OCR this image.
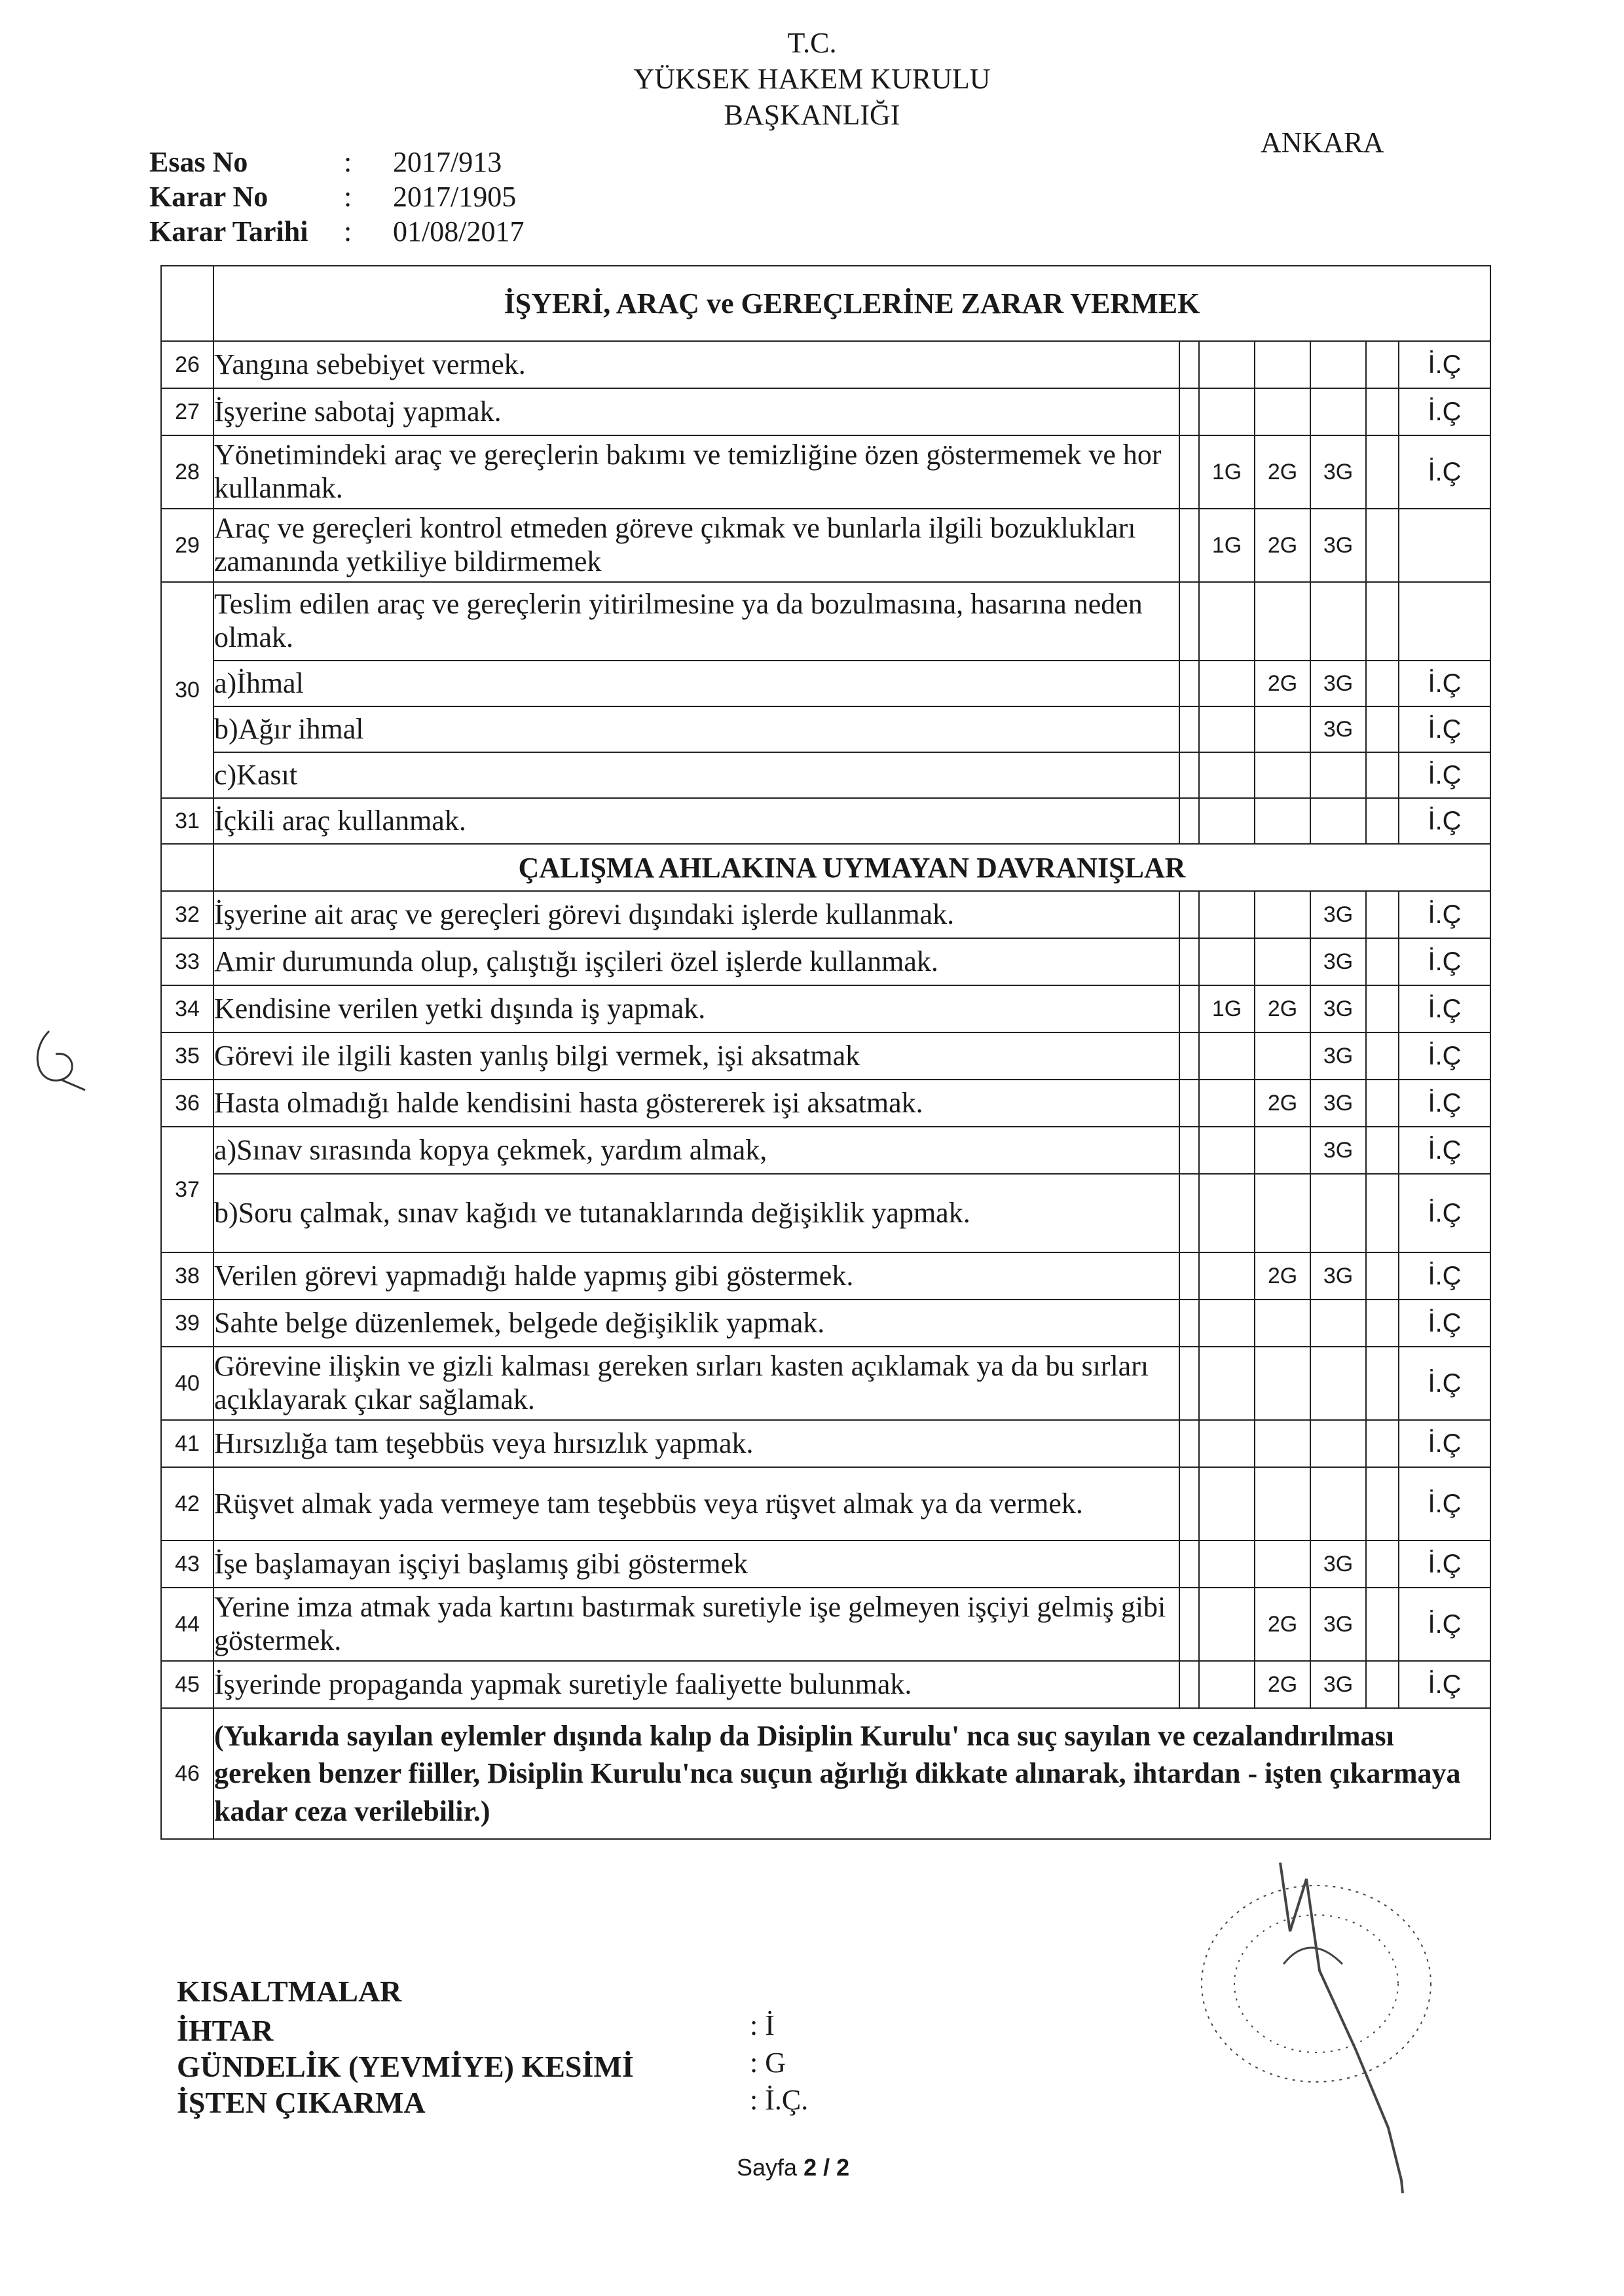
T.C.
YÜKSEK HAKEM KURULU
BAŞKANLIĞI
ANKARA
Esas No	: 2017/913
Karar No	: 2017/1905
Karar Tarihi : 01/08/2017
	İŞYERİ, ARAÇ ve GEREÇLERİNE ZARAR VERMEK						
26	Yangına sebebiyet vermek.						İ.Ç
27	İşyerine sabotaj yapmak.						İ.Ç
28	Yönetimindeki araç ve gereçlerin bakımı ve temizliğine özen göstermemek ve hor kullanmak.		1G	2G	3G		İ.Ç
29	Araç ve gereçleri kontrol etmeden göreve çıkmak ve bunlarla ilgili bozuklukları zamanında yetkiliye bildirmemek		1G	2G	3G		
30	Teslim edilen araç ve gereçlerin yitirilmesine ya da bozulmasına, hasarına neden olmak.						
	a)İhmal			2G	3G		İ.Ç
	b)Ağır ihmal				3G		İ.Ç
	c)Kasıt						İ.Ç
31	İçkili araç kullanmak.						İ.Ç
	ÇALIŞMA AHLAKINA UYMAYAN DAVRANIŞLAR						
32	İşyerine ait araç ve gereçleri görevi dışındaki işlerde kullanmak.				3G		İ.Ç
33	Amir durumunda olup, çalıştığı işçileri özel işlerde kullanmak.				3G		İ.Ç
34	Kendisine verilen yetki dışında iş yapmak.		1G	2G	3G		İ.Ç
35	Görevi ile ilgili kasten yanlış bilgi vermek, işi aksatmak				3G		İ.Ç
36	Hasta olmadığı halde kendisini hasta göstererek işi aksatmak.			2G	3G		İ.Ç
37	a)Sınav sırasında kopya çekmek, yardım almak,				3G		İ.Ç
	b)Soru çalmak, sınav kağıdı ve tutanaklarında değişiklik yapmak.						İ.Ç
38	Verilen görevi yapmadığı halde yapmış gibi göstermek.			2G	3G		İ.Ç
39	Sahte belge düzenlemek, belgede değişiklik yapmak.						İ.Ç
40	Görevine ilişkin ve gizli kalması gereken sırları kasten açıklamak ya da bu sırları açıklayarak çıkar sağlamak.						İ.Ç
41	Hırsızlığa tam teşebbüs veya hırsızlık yapmak.						İ.Ç
42	Rüşvet almak yada vermeye tam teşebbüs veya rüşvet almak ya da vermek.						İ.Ç
43	İşe başlamayan işçiyi başlamış gibi göstermek				3G		İ.Ç
44	Yerine imza atmak yada kartını bastırmak suretiyle işe gelmeyen işçiyi gelmiş gibi göstermek.			2G	3G		İ.Ç
45	İşyerinde propaganda yapmak suretiyle faaliyette bulunmak.			2G	3G		İ.Ç
46	(Yukarıda sayılan eylemler dışında kalıp da Disiplin Kurulu' nca suç sayılan ve cezalandırılması gereken benzer fiiller, Disiplin Kurulu'nca suçun ağırlığı dikkate alınarak, ihtardan - işten çıkarmaya kadar ceza verilebilir.)						
KISALTMALAR
İHTAR	: İ
GÜNDELİK (YEVMİYE) KESİMİ	: G
İŞTEN ÇIKARMA	: İ.Ç.
Sayfa 2 / 2
